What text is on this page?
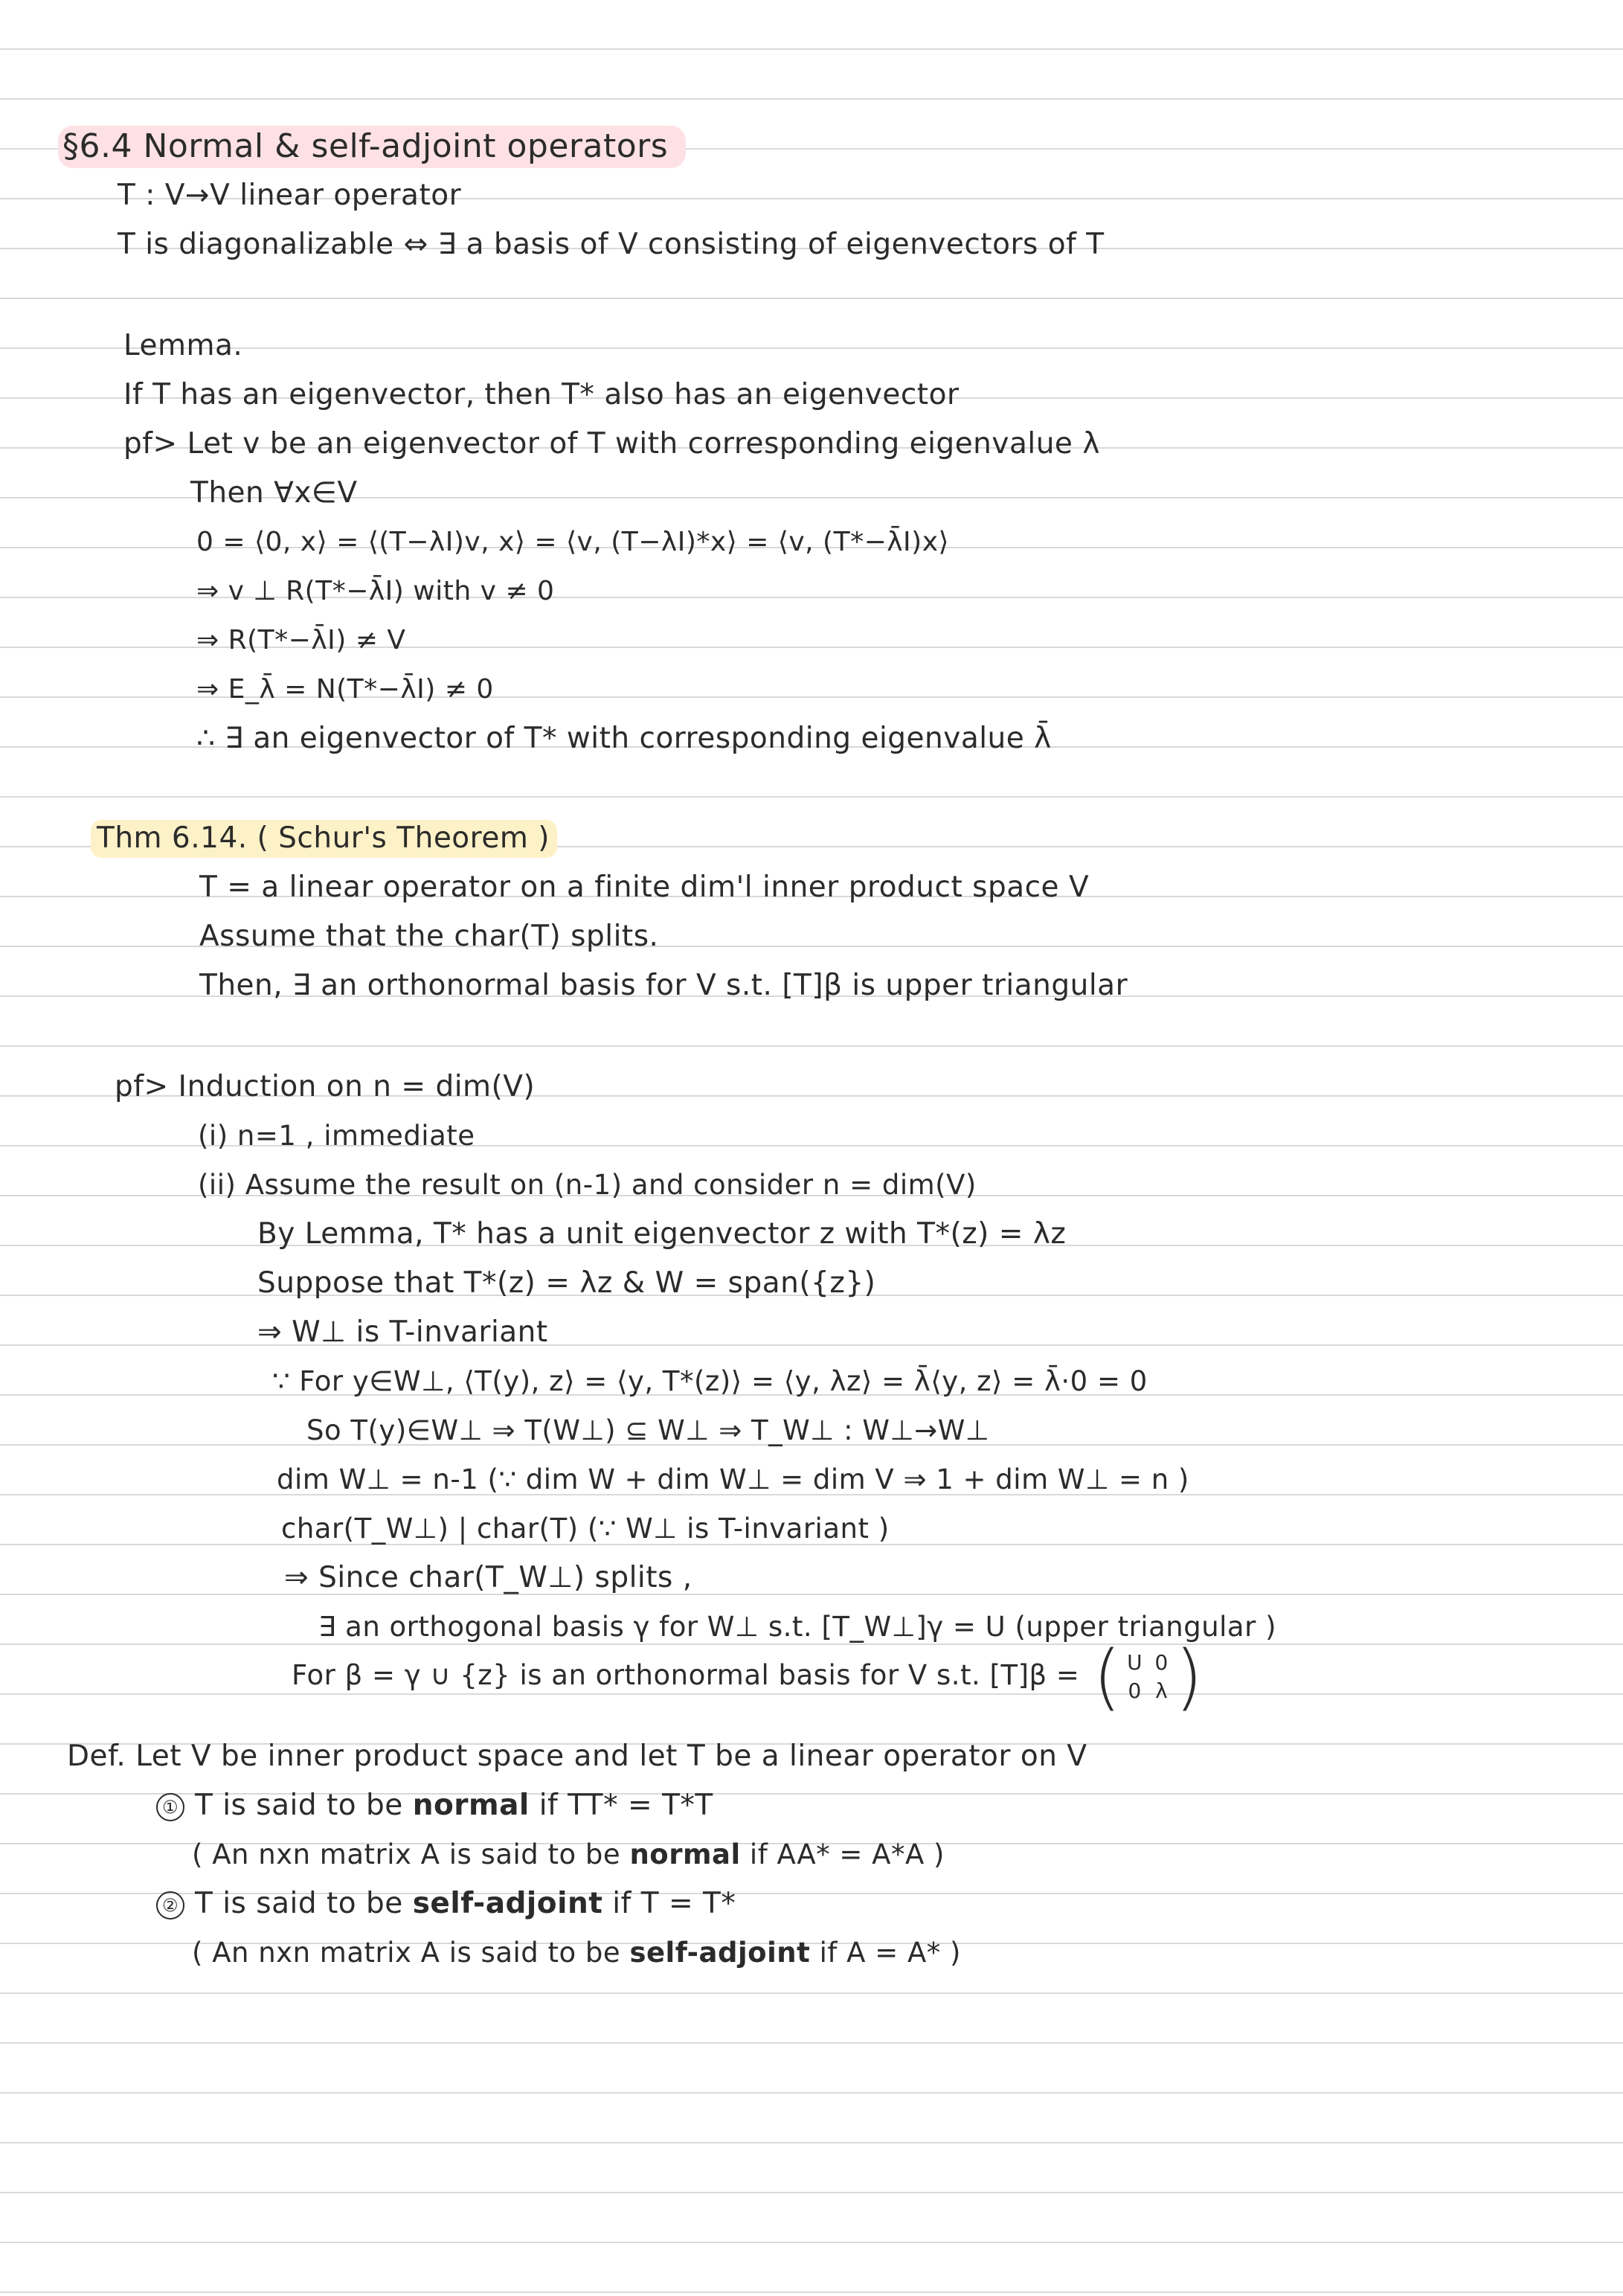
§6.4 Normal & self-adjoint operators
T : V→V linear operator
T is diagonalizable ⇔ ∃ a basis of V consisting of eigenvectors of T
Lemma.
If T has an eigenvector, then T* also has an eigenvector
pf> Let v be an eigenvector of T with corresponding eigenvalue λ
Then ∀x∈V
0 = ⟨0, x⟩ = ⟨(T−λI)v, x⟩ = ⟨v, (T−λI)*x⟩ = ⟨v, (T*−λ̄I)x⟩
⇒ v ⊥ R(T*−λ̄I) with v ≠ 0
⇒ R(T*−λ̄I) ≠ V
⇒ E_λ̄ = N(T*−λ̄I) ≠ 0
∴ ∃ an eigenvector of T* with corresponding eigenvalue λ̄
Thm 6.14. ( Schur's Theorem )
T = a linear operator on a finite dim'l inner product space V
Assume that the char(T) splits.
Then, ∃ an orthonormal basis for V s.t. [T]β is upper triangular
pf> Induction on n = dim(V)
(i) n=1 , immediate
(ii) Assume the result on (n-1) and consider n = dim(V)
By Lemma, T* has a unit eigenvector z with T*(z) = λz
Suppose that T*(z) = λz & W = span({z})
⇒ W⊥ is T-invariant
∵ For y∈W⊥, ⟨T(y), z⟩ = ⟨y, T*(z)⟩ = ⟨y, λz⟩ = λ̄⟨y, z⟩ = λ̄·0 = 0
So T(y)∈W⊥ ⇒ T(W⊥) ⊆ W⊥ ⇒ T_W⊥ : W⊥→W⊥
dim W⊥ = n-1 (∵ dim W + dim W⊥ = dim V ⇒ 1 + dim W⊥ = n )
char(T_W⊥) | char(T) (∵ W⊥ is T-invariant )
⇒ Since char(T_W⊥) splits ,
∃ an orthogonal basis γ for W⊥ s.t. [T_W⊥]γ = U (upper triangular )
For β = γ ∪ {z} is an orthonormal basis for V s.t. [T]β = ( U 0
0 λ )
Def. Let V be inner product space and let T be a linear operator on V
① T is said to be normal if TT* = T*T
( An nxn matrix A is said to be normal if AA* = A*A )
② T is said to be self-adjoint if T = T*
( An nxn matrix A is said to be self-adjoint if A = A* )
